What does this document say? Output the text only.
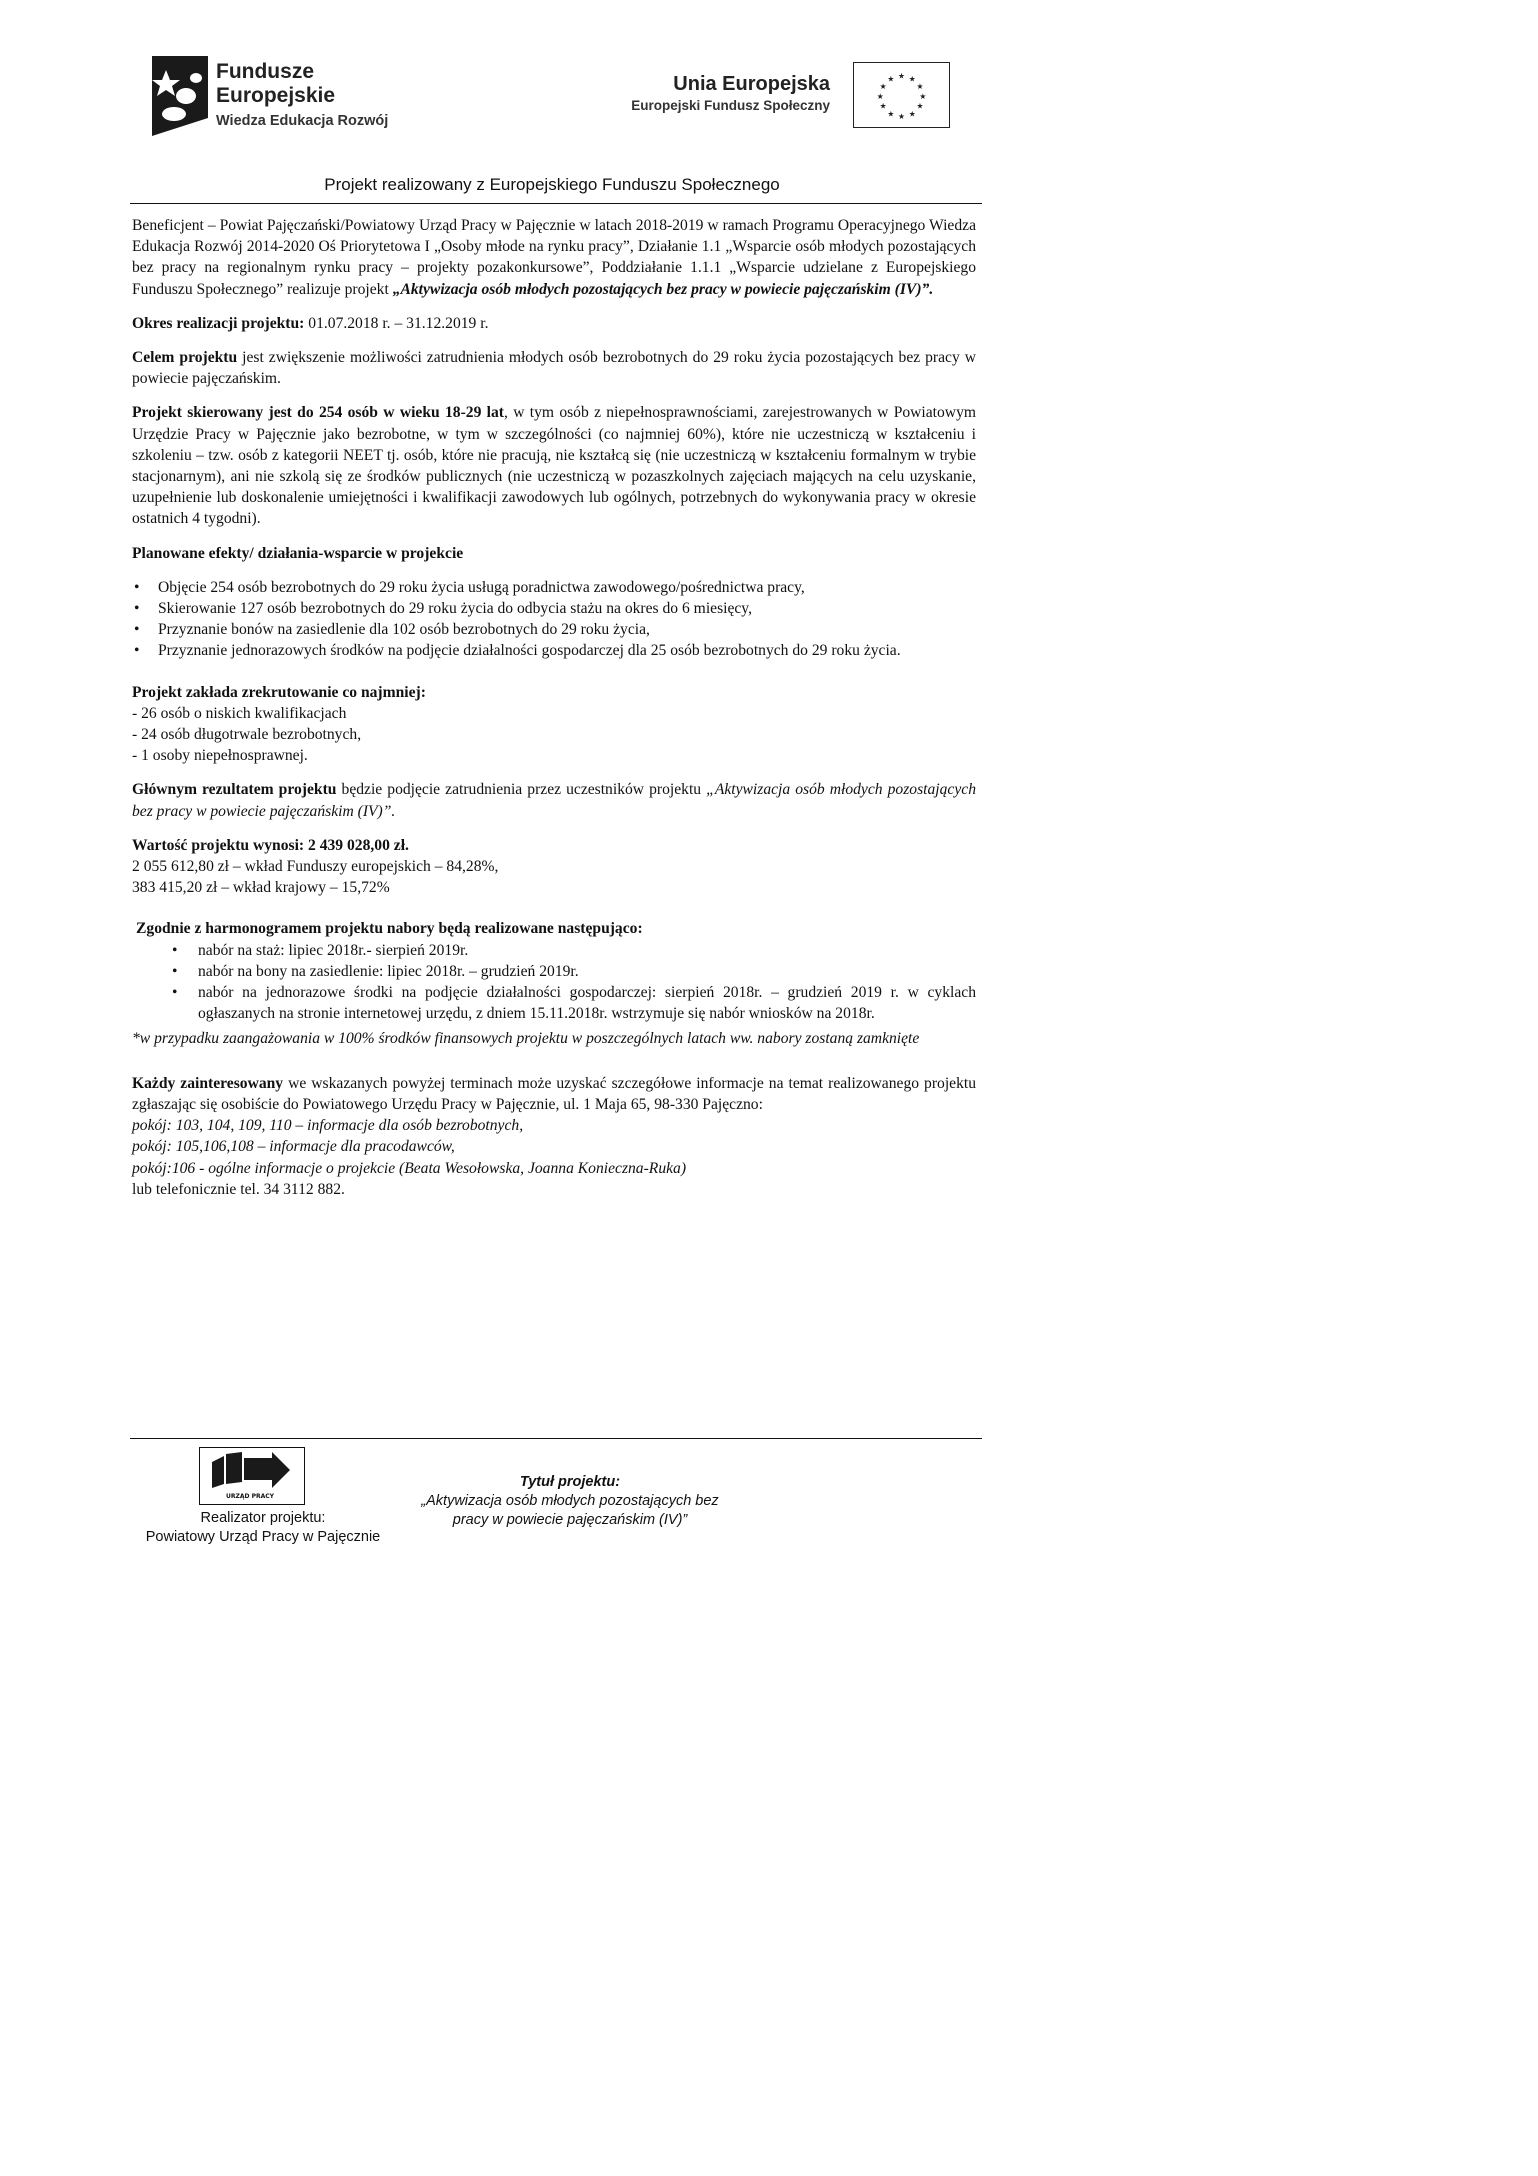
Fundusze
Europejskie
Wiedza Edukacja Rozwój
Unia Europejska
Europejski Fundusz Społeczny
★ ★
★
★
★
★
★
★
★
★
★
★
Projekt realizowany z Europejskiego Funduszu Społecznego

Beneficjent – Powiat Pajęczański/Powiatowy Urząd Pracy w Pajęcznie w latach 2018-2019 w ramach Programu Operacyjnego Wiedza Edukacja Rozwój 2014-2020 Oś Priorytetowa I „Osoby młode na rynku pracy”, Działanie 1.1 „Wsparcie osób młodych pozostających bez pracy na regionalnym rynku pracy – projekty pozakonkursowe”, Poddziałanie 1.1.1 „Wsparcie udzielane z Europejskiego Funduszu Społecznego” realizuje projekt „Aktywizacja osób młodych pozostających bez pracy w powiecie pajęczańskim (IV)”.

Okres realizacji projektu: 01.07.2018 r. – 31.12.2019 r.

Celem projektu jest zwiększenie możliwości zatrudnienia młodych osób bezrobotnych do 29 roku życia pozostających bez pracy w powiecie pajęczańskim.

Projekt skierowany jest do 254 osób w wieku 18-29 lat, w tym osób z niepełnosprawnościami, zarejestrowanych w Powiatowym Urzędzie Pracy w Pajęcznie jako bezrobotne, w tym w szczególności (co najmniej 60%), które nie uczestniczą w kształceniu i szkoleniu – tzw. osób z kategorii NEET tj. osób, które nie pracują, nie kształcą się (nie uczestniczą w kształceniu formalnym w trybie stacjonarnym), ani nie szkolą się ze środków publicznych (nie uczestniczą w pozaszkolnych zajęciach mających na celu uzyskanie, uzupełnienie lub doskonalenie umiejętności i kwalifikacji zawodowych lub ogólnych, potrzebnych do wykonywania pracy w okresie ostatnich 4 tygodni).

Planowane efekty/ działania-wsparcie w projekcie

• Objęcie 254 osób bezrobotnych do 29 roku życia usługą poradnictwa zawodowego/pośrednictwa pracy,
• Skierowanie 127 osób bezrobotnych do 29 roku życia do odbycia stażu na okres do 6 miesięcy,
• Przyznanie bonów na zasiedlenie dla 102 osób bezrobotnych do 29 roku życia,
• Przyznanie jednorazowych środków na podjęcie działalności gospodarczej dla 25 osób bezrobotnych do 29 roku życia.

Projekt zakłada zrekrutowanie co najmniej:

- 26 osób o niskich kwalifikacjach

- 24 osób długotrwale bezrobotnych,

- 1 osoby niepełnosprawnej.

Głównym rezultatem projektu będzie podjęcie zatrudnienia przez uczestników projektu „Aktywizacja osób młodych pozostających bez pracy w powiecie pajęczańskim (IV)”.

Wartość projektu wynosi: 2 439 028,00 zł.

2 055 612,80 zł – wkład Funduszy europejskich – 84,28%,

383 415,20 zł – wkład krajowy – 15,72%

Zgodnie z harmonogramem projektu nabory będą realizowane następująco:

• nabór na staż: lipiec 2018r.- sierpień 2019r.
• nabór na bony na zasiedlenie: lipiec 2018r. – grudzień 2019r.
• nabór na jednorazowe środki na podjęcie działalności gospodarczej: sierpień 2018r. – grudzień 2019 r. w cyklach ogłaszanych na stronie internetowej urzędu, z dniem 15.11.2018r. wstrzymuje się nabór wniosków na 2018r.

*w przypadku zaangażowania w 100% środków finansowych projektu w poszczególnych latach ww. nabory zostaną zamknięte

Każdy zainteresowany we wskazanych powyżej terminach może uzyskać szczegółowe informacje na temat realizowanego projektu zgłaszając się osobiście do Powiatowego Urzędu Pracy w Pajęcznie, ul. 1 Maja 65, 98-330 Pajęczno:

pokój: 103, 104, 109, 110 – informacje dla osób bezrobotnych,

pokój: 105,106,108 – informacje dla pracodawców,

pokój:106 - ogólne informacje o projekcie (Beata Wesołowska, Joanna Konieczna-Ruka)

lub telefonicznie tel. 34 3112 882.

URZĄD PRACY
Realizator projektu:
Powiatowy Urząd Pracy w Pajęcznie
Tytuł projektu:
„Aktywizacja osób młodych pozostających bez
pracy w powiecie pajęczańskim (IV)”
